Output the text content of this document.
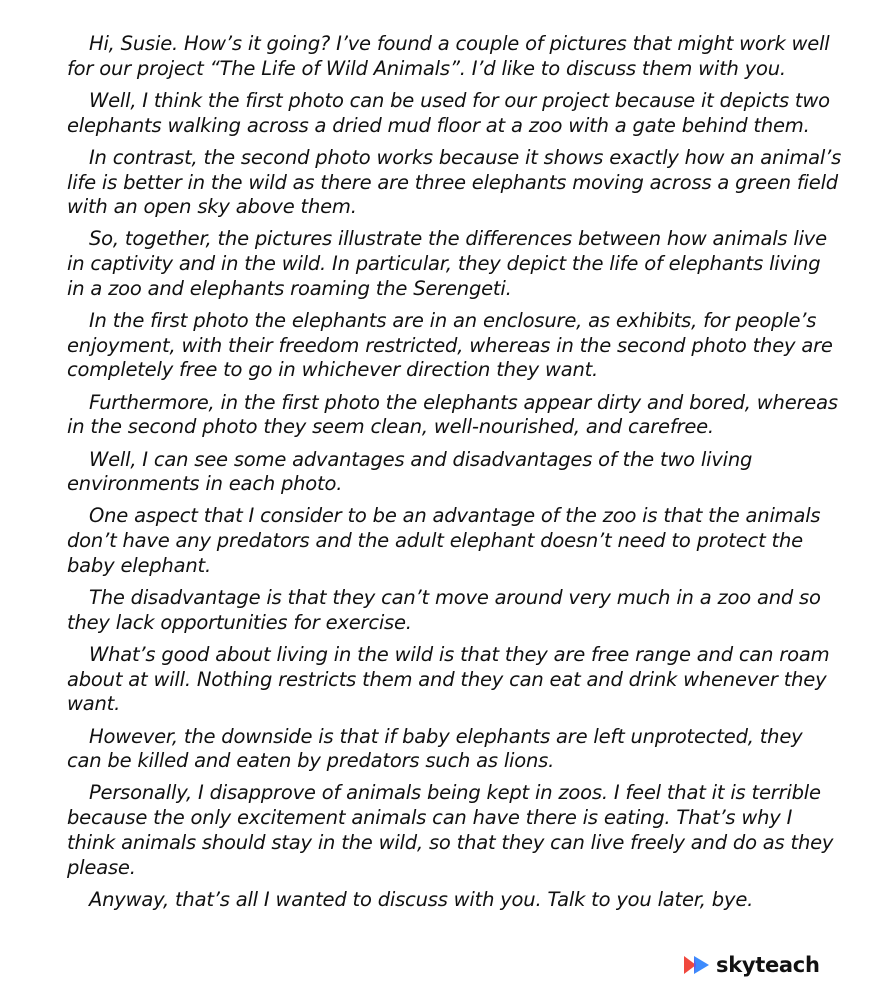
Hi, Susie. How’s it going? I’ve found a couple of pictures that might work well for our project “The Life of Wild Animals”. I’d like to discuss them with you.

Well, I think the first photo can be used for our project because it depicts two elephants walking across a dried mud floor at a zoo with a gate behind them.

In contrast, the second photo works because it shows exactly how an animal’s life is better in the wild as there are three elephants moving across a green field with an open sky above them.

So, together, the pictures illustrate the differences between how animals live in captivity and in the wild. In particular, they depict the life of elephants living in a zoo and elephants roaming the Serengeti.

In the first photo the elephants are in an enclosure, as exhibits, for people’s enjoyment, with their freedom restricted, whereas in the second photo they are completely free to go in whichever direction they want.

Furthermore, in the first photo the elephants appear dirty and bored, whereas in the second photo they seem clean, well-nourished, and carefree.

Well, I can see some advantages and disadvantages of the two living environments in each photo.

One aspect that I consider to be an advantage of the zoo is that the animals don’t have any predators and the adult elephant doesn’t need to protect the baby elephant.

The disadvantage is that they can’t move around very much in a zoo and so they lack opportunities for exercise.

What’s good about living in the wild is that they are free range and can roam about at will. Nothing restricts them and they can eat and drink whenever they want.

However, the downside is that if baby elephants are left unprotected, they can be killed and eaten by predators such as lions.

Personally, I disapprove of animals being kept in zoos. I feel that it is terrible because the only excitement animals can have there is eating. That’s why I think animals should stay in the wild, so that they can live freely and do as they please.

Anyway, that’s all I wanted to discuss with you. Talk to you later, bye.

skyteach
